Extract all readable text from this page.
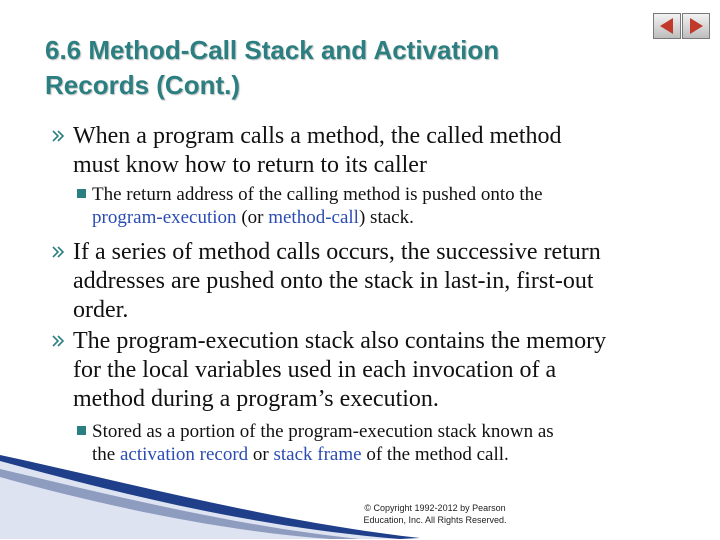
6.6 Method-Call Stack and Activation
Records (Cont.)
When a program calls a method, the called method
must know how to return to its caller
The return address of the calling method is pushed onto the
program-execution (or method-call) stack.
If a series of method calls occurs, the successive return
addresses are pushed onto the stack in last-in, first-out
order.
The program-execution stack also contains the memory
for the local variables used in each invocation of a
method during a program’s execution.
Stored as a portion of the program-execution stack known as
the activation record or stack frame of the method call.
© Copyright 1992-2012 by Pearson
Education, Inc. All Rights Reserved.
